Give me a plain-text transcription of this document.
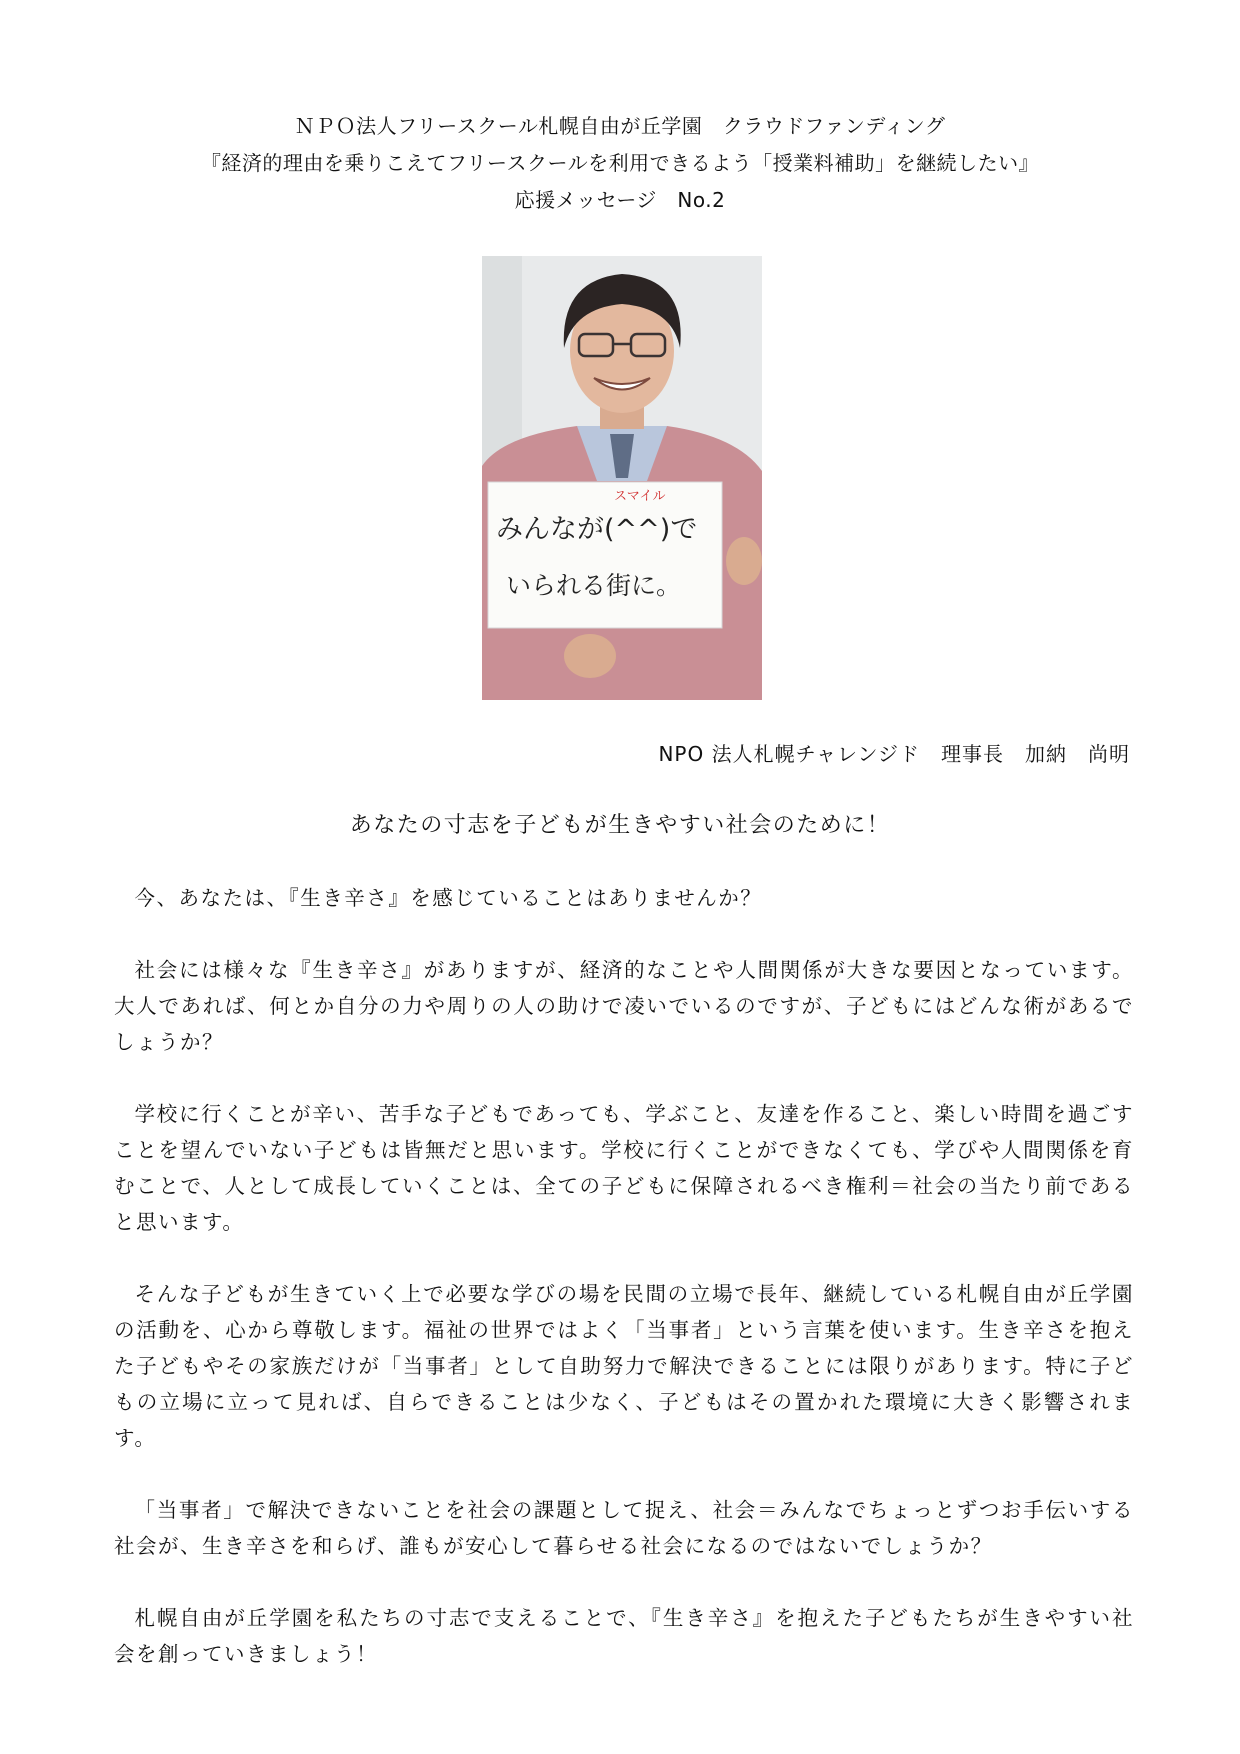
ＮＰＯ法人フリースクール札幌自由が丘学園　クラウドファンディング
『経済的理由を乗りこえてフリースクールを利用できるよう「授業料補助」を継続したい』
応援メッセージ　No.2
スマイル
みんなが(^^)で
いられる街に。
NPO 法人札幌チャレンジド　理事長　加納　尚明
あなたの寸志を子どもが生きやすい社会のために！

今、あなたは、『生き辛さ』を感じていることはありませんか？

社会には様々な『生き辛さ』がありますが、経済的なことや人間関係が大きな要因となっています。大人であれば、何とか自分の力や周りの人の助けで凌いでいるのですが、子どもにはどんな術があるでしょうか？

学校に行くことが辛い、苦手な子どもであっても、学ぶこと、友達を作ること、楽しい時間を過ごすことを望んでいない子どもは皆無だと思います。学校に行くことができなくても、学びや人間関係を育むことで、人として成長していくことは、全ての子どもに保障されるべき権利＝社会の当たり前であると思います。

そんな子どもが生きていく上で必要な学びの場を民間の立場で長年、継続している札幌自由が丘学園の活動を、心から尊敬します。福祉の世界ではよく「当事者」という言葉を使います。生き辛さを抱えた子どもやその家族だけが「当事者」として自助努力で解決できることには限りがあります。特に子どもの立場に立って見れば、自らできることは少なく、子どもはその置かれた環境に大きく影響されます。

「当事者」で解決できないことを社会の課題として捉え、社会＝みんなでちょっとずつお手伝いする社会が、生き辛さを和らげ、誰もが安心して暮らせる社会になるのではないでしょうか？

札幌自由が丘学園を私たちの寸志で支えることで、『生き辛さ』を抱えた子どもたちが生きやすい社会を創っていきましょう！
